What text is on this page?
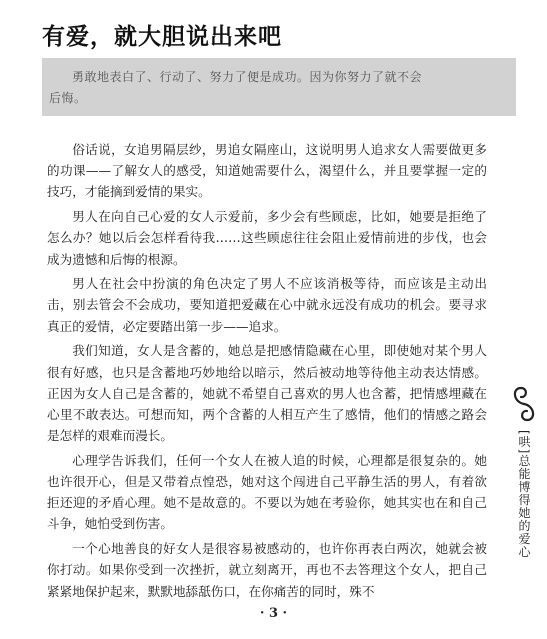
有爱，就大胆说出来吧
勇敢地表白了、行动了、努力了便是成功。因为你努力了就不会
后悔。

俗话说，女追男隔层纱，男追女隔座山，这说明男人追求女人需要做更多的功课——了解女人的感受，知道她需要什么，渴望什么，并且要掌握一定的技巧，才能摘到爱情的果实。

男人在向自己心爱的女人示爱前，多少会有些顾虑，比如，她要是拒绝了怎么办？她以后会怎样看待我……这些顾虑往往会阻止爱情前进的步伐，也会成为遗憾和后悔的根源。

男人在社会中扮演的角色决定了男人不应该消极等待，而应该是主动出击，别去管会不会成功，要知道把爱藏在心中就永远没有成功的机会。要寻求真正的爱情，必定要踏出第一步——追求。

我们知道，女人是含蓄的，她总是把感情隐藏在心里，即使她对某个男人很有好感，也只是含蓄地巧妙地给以暗示，然后被动地等待他主动表达情感。正因为女人自己是含蓄的，她就不希望自己喜欢的男人也含蓄，把情感埋藏在心里不敢表达。可想而知，两个含蓄的人相互产生了感情，他们的情感之路会是怎样的艰难而漫长。

心理学告诉我们，任何一个女人在被人追的时候，心理都是很复杂的。她也许很开心，但是又带着点惶恐，她对这个闯进自己平静生活的男人，有着欲拒还迎的矛盾心理。她不是故意的。不要以为她在考验你，她其实也在和自己斗争，她怕受到伤害。

一个心地善良的好女人是很容易被感动的，也许你再表白两次，她就会被你打动。如果你受到一次挫折，就立刻离开，再也不去答理这个女人，把自己紧紧地保护起来，默默地舔舐伤口，在你痛苦的同时，殊不

[哄]总能博得她的爱心
· 3 ·
